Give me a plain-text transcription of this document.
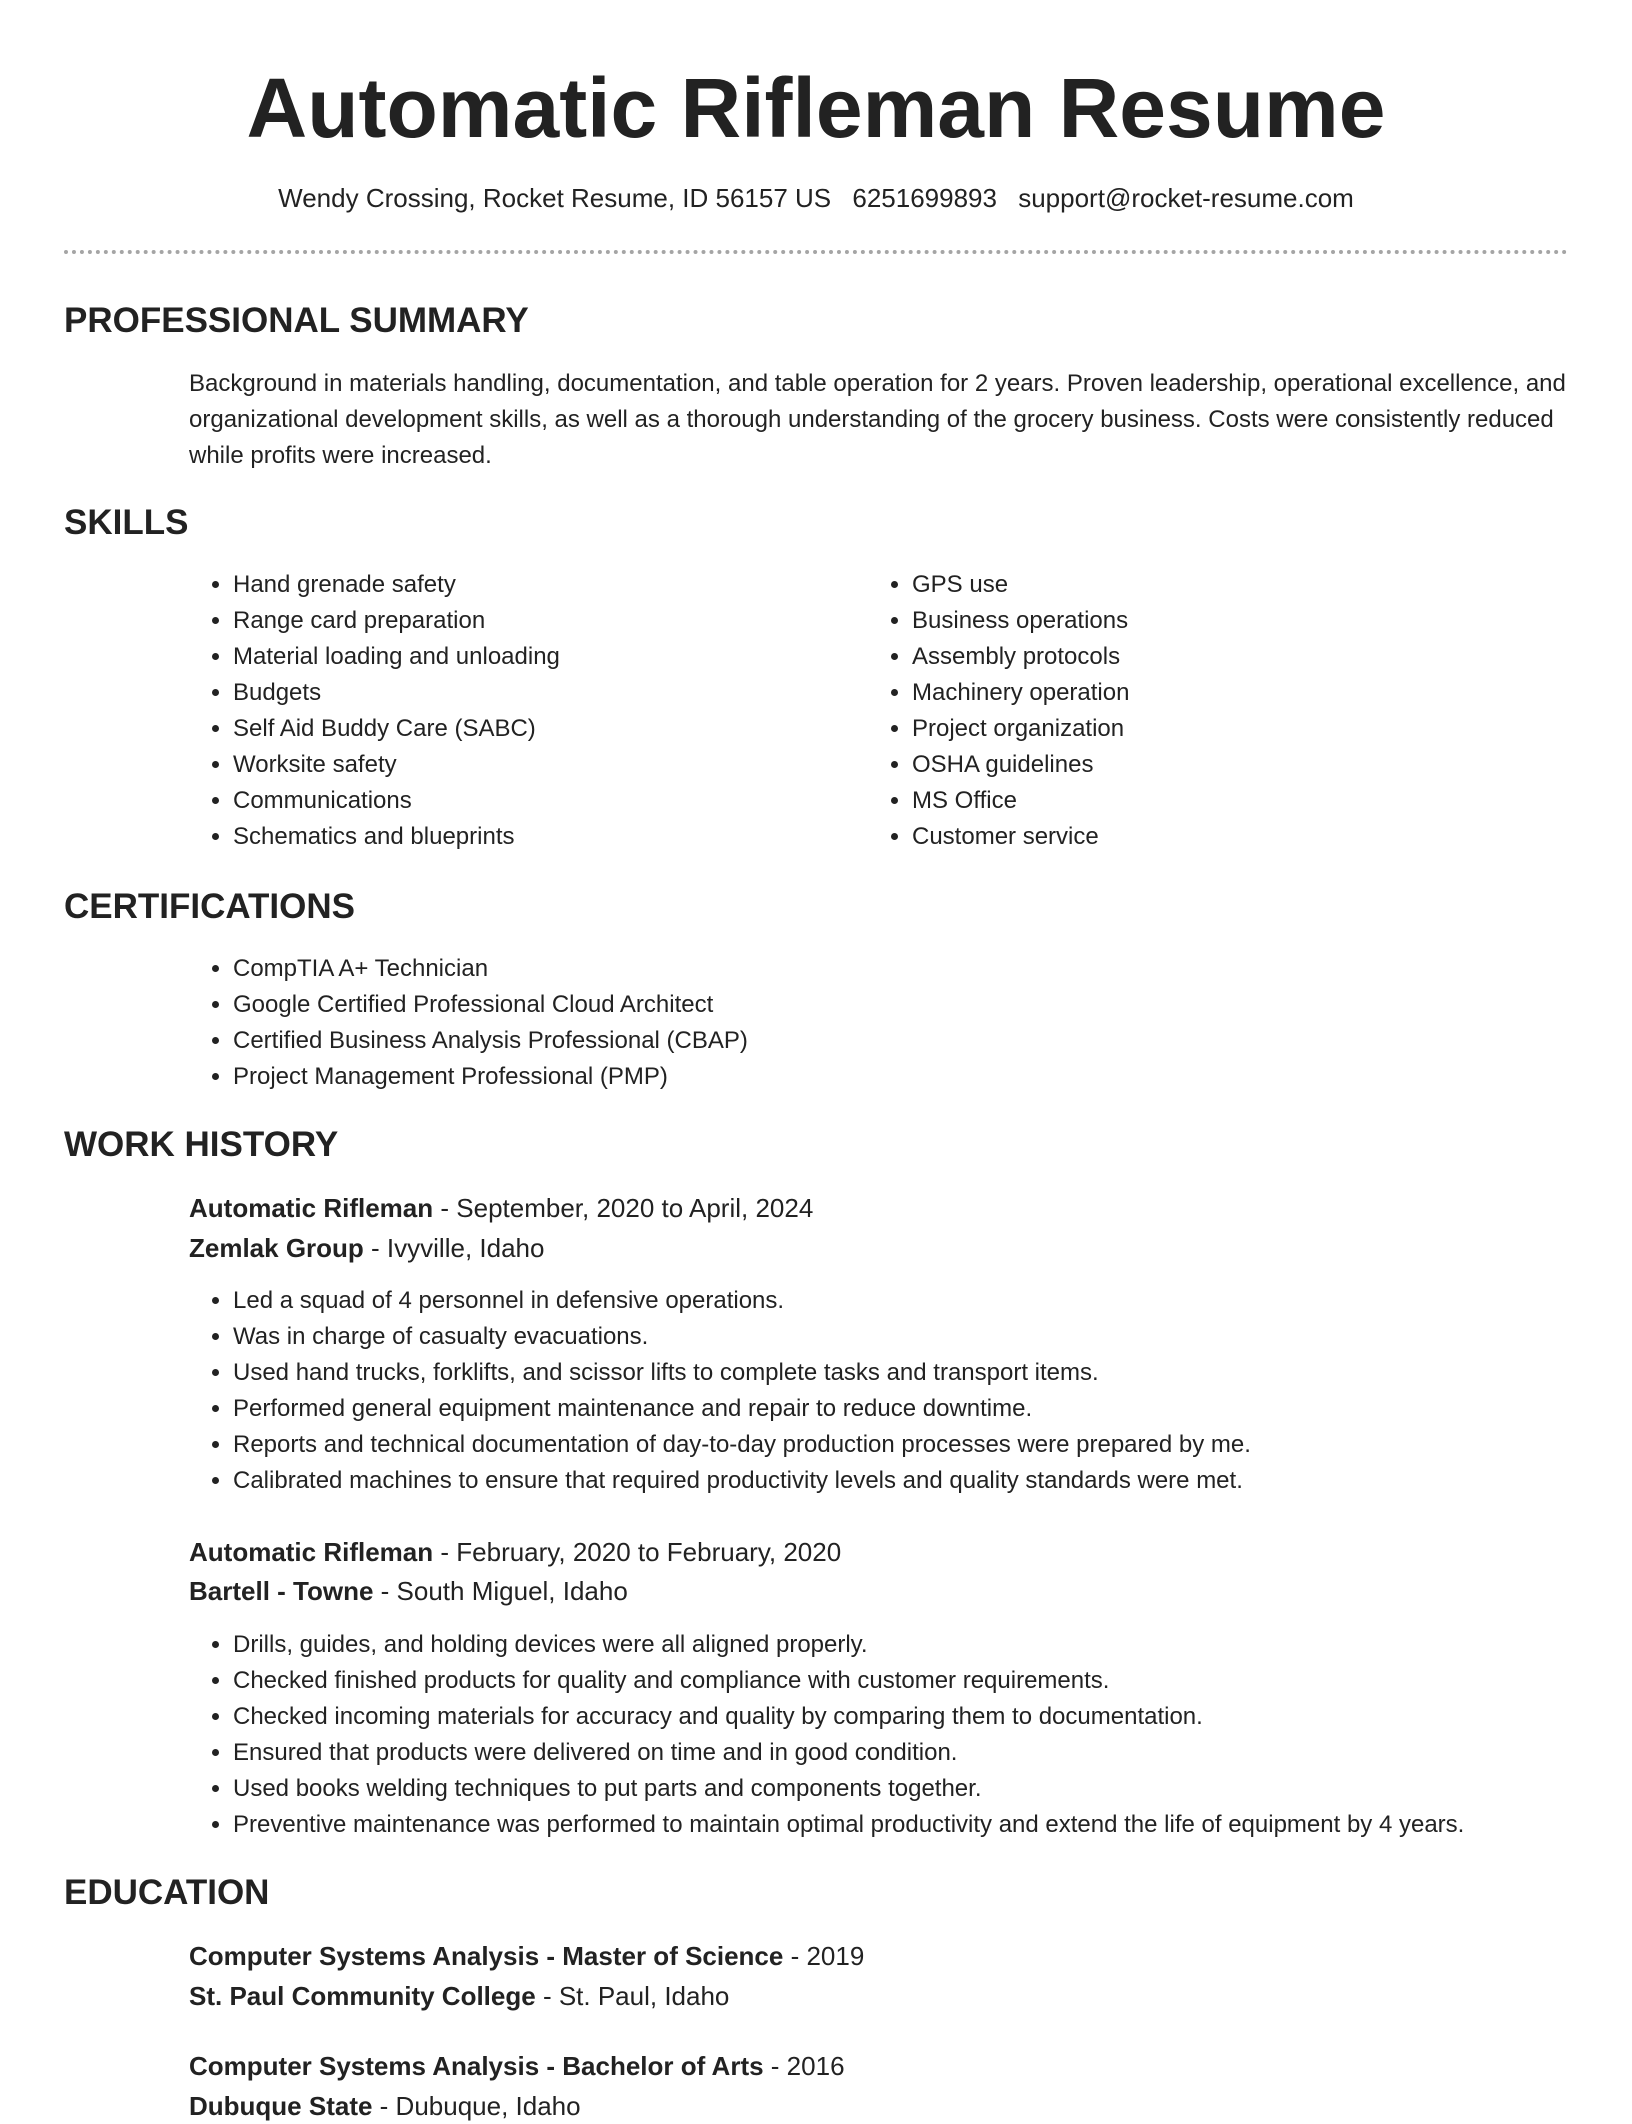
Automatic Rifleman Resume
Wendy Crossing, Rocket Resume, ID 56157 US 6251699893 support@rocket-resume.com
PROFESSIONAL SUMMARY

Background in materials handling, documentation, and table operation for 2 years. Proven leadership, operational excellence, and organizational development skills, as well as a thorough understanding of the grocery business. Costs were consistently reduced while profits were increased.

SKILLS
• Hand grenade safety
• Range card preparation
• Material loading and unloading
• Budgets
• Self Aid Buddy Care (SABC)
• Worksite safety
• Communications
• Schematics and blueprints
• GPS use
• Business operations
• Assembly protocols
• Machinery operation
• Project organization
• OSHA guidelines
• MS Office
• Customer service
CERTIFICATIONS
• CompTIA A+ Technician
• Google Certified Professional Cloud Architect
• Certified Business Analysis Professional (CBAP)
• Project Management Professional (PMP)
WORK HISTORY
Automatic Rifleman - September, 2020 to April, 2024
Zemlak Group - Ivyville, Idaho
• Led a squad of 4 personnel in defensive operations.
• Was in charge of casualty evacuations.
• Used hand trucks, forklifts, and scissor lifts to complete tasks and transport items.
• Performed general equipment maintenance and repair to reduce downtime.
• Reports and technical documentation of day-to-day production processes were prepared by me.
• Calibrated machines to ensure that required productivity levels and quality standards were met.
Automatic Rifleman - February, 2020 to February, 2020
Bartell - Towne - South Miguel, Idaho
• Drills, guides, and holding devices were all aligned properly.
• Checked finished products for quality and compliance with customer requirements.
• Checked incoming materials for accuracy and quality by comparing them to documentation.
• Ensured that products were delivered on time and in good condition.
• Used books welding techniques to put parts and components together.
• Preventive maintenance was performed to maintain optimal productivity and extend the life of equipment by 4 years.
EDUCATION
Computer Systems Analysis - Master of Science - 2019
St. Paul Community College - St. Paul, Idaho
Computer Systems Analysis - Bachelor of Arts - 2016
Dubuque State - Dubuque, Idaho
